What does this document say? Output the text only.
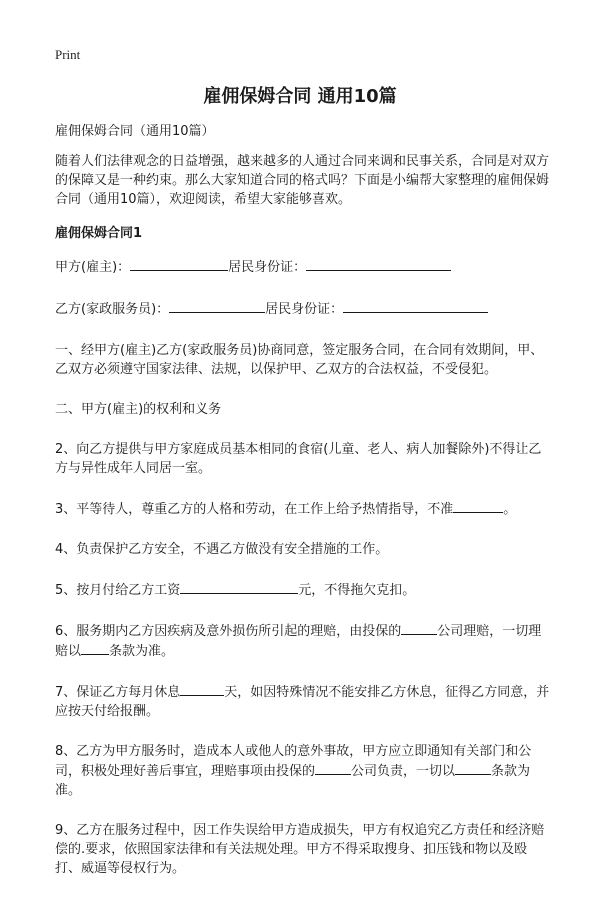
Print
雇佣保姆合同 通用10篇

雇佣保姆合同（通用10篇）

随着人们法律观念的日益增强，越来越多的人通过合同来调和民事关系，合同是对双方的保障又是一种约束。那么大家知道合同的格式吗？下面是小编帮大家整理的雇佣保姆合同（通用10篇），欢迎阅读，希望大家能够喜欢。

雇佣保姆合同1

甲方(雇主)：	居民身份证：

乙方(家政服务员)：	居民身份证：

一、经甲方(雇主)乙方(家政服务员)协商同意，签定服务合同，在合同有效期间，甲、乙双方必须遵守国家法律、法规，以保护甲、乙双方的合法权益，不受侵犯。

二、甲方(雇主)的权利和义务

2、向乙方提供与甲方家庭成员基本相同的食宿(儿童、老人、病人加餐除外)不得让乙方与异性成年人同居一室。

3、平等待人，尊重乙方的人格和劳动，在工作上给予热情指导，不准	。

4、负责保护乙方安全，不遇乙方做没有安全措施的工作。

5、按月付给乙方工资	元，不得拖欠克扣。

6、服务期内乙方因疾病及意外损伤所引起的理赔，由投保的	公司理赔，一切理赔以 条款为准。

7、保证乙方每月休息	天，如因特殊情况不能安排乙方休息，征得乙方同意，并应按天付给报酬。

8、乙方为甲方服务时，造成本人或他人的意外事故，甲方应立即通知有关部门和公司，积极处理好善后事宜，理赔事项由投保的	公司负责，一切以	条款为准。

9、乙方在服务过程中，因工作失误给甲方造成损失，甲方有权追究乙方责任和经济赔偿的.要求，依照国家法律和有关法规处理。甲方不得采取搜身、扣压钱和物以及殴打、威逼等侵权行为。
